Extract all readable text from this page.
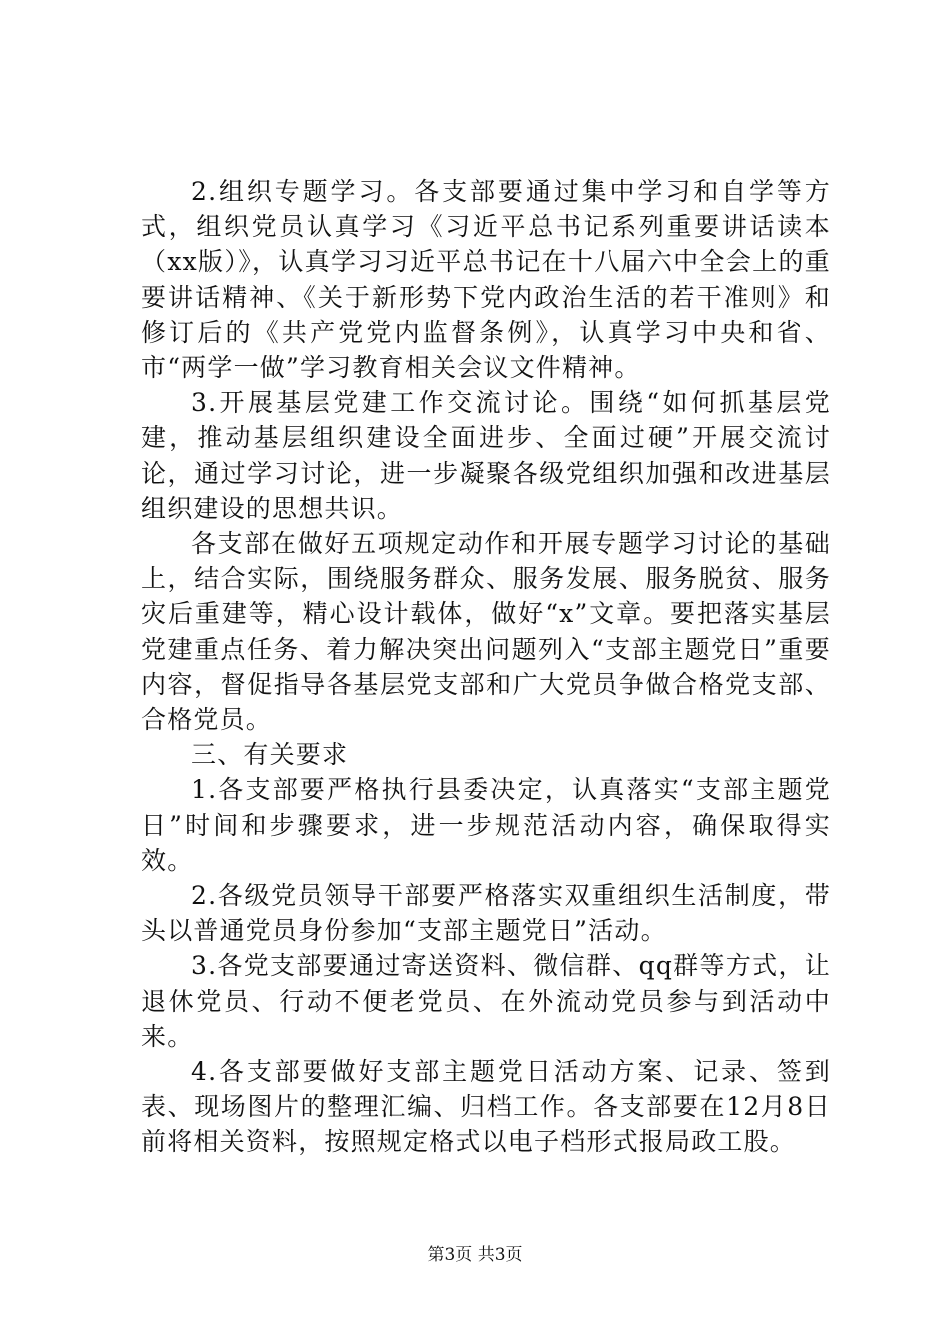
2.组织专题学习。各支部要通过集中学习和自学等方式，组织党员认真学习《习近平总书记系列重要讲话读本（xx版）》，认真学习习近平总书记在十八届六中全会上的重要讲话精神、《关于新形势下党内政治生活的若干准则》和修订后的《共产党党内监督条例》，认真学习中央和省、市“两学一做”学习教育相关会议文件精神。

3.开展基层党建工作交流讨论。围绕“如何抓基层党建，推动基层组织建设全面进步、全面过硬”开展交流讨论，通过学习讨论，进一步凝聚各级党组织加强和改进基层组织建设的思想共识。

各支部在做好五项规定动作和开展专题学习讨论的基础上，结合实际，围绕服务群众、服务发展、服务脱贫、服务灾后重建等，精心设计载体，做好“x”文章。要把落实基层党建重点任务、着力解决突出问题列入“支部主题党日”重要内容，督促指导各基层党支部和广大党员争做合格党支部、合格党员。

三、有关要求

1.各支部要严格执行县委决定，认真落实“支部主题党日”时间和步骤要求，进一步规范活动内容，确保取得实效。

2.各级党员领导干部要严格落实双重组织生活制度，带头以普通党员身份参加“支部主题党日”活动。

3.各党支部要通过寄送资料、微信群、qq群等方式，让退休党员、行动不便老党员、在外流动党员参与到活动中来。

4.各支部要做好支部主题党日活动方案、记录、签到表、现场图片的整理汇编、归档工作。各支部要在12月8日前将相关资料，按照规定格式以电子档形式报局政工股。

第3页 共3页
